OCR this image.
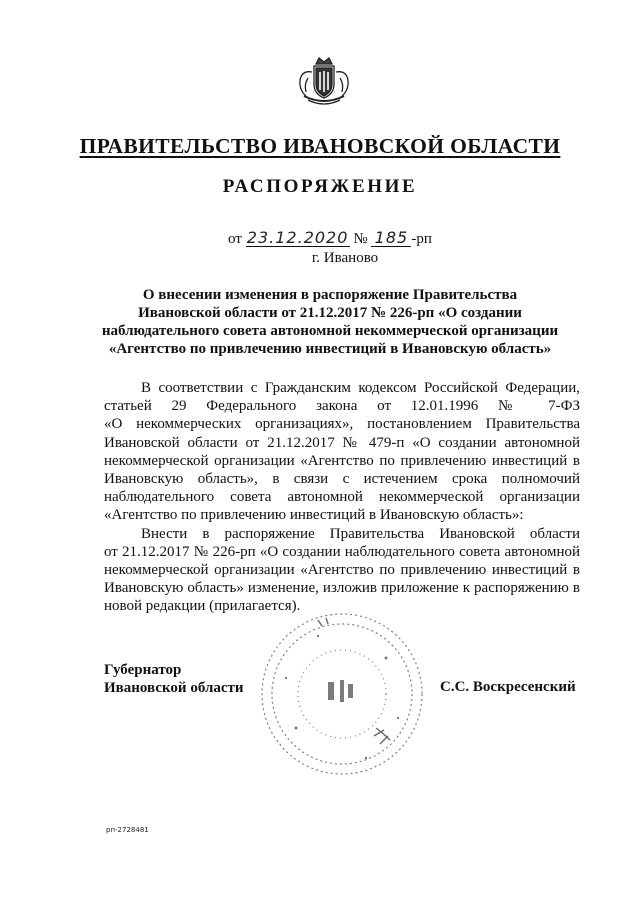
ПРАВИТЕЛЬСТВО ИВАНОВСКОЙ ОБЛАСТИ
РАСПОРЯЖЕНИЕ
от 23.12.2020 № 185 -рп
г. Иваново
О внесении изменения в распоряжение Правительства
Ивановской области от 21.12.2017 № 226-рп «О создании
наблюдательного совета автономной некоммерческой организации
«Агентство по привлечению инвестиций в Ивановскую область»
В соответствии с Гражданским кодексом Российской Федерации,
статьей 29 Федерального закона от 12.01.1996 № 7-ФЗ
«О некоммерческих организациях», постановлением Правительства
Ивановской области от 21.12.2017 № 479-п «О создании автономной
некоммерческой организации «Агентство по привлечению инвестиций в
Ивановскую область», в связи с истечением срока полномочий
наблюдательного совета автономной некоммерческой организации
«Агентство по привлечению инвестиций в Ивановскую область»:
Внести в распоряжение Правительства Ивановской области
от 21.12.2017 № 226-рп «О создании наблюдательного совета автономной
некоммерческой организации «Агентство по привлечению инвестиций в
Ивановскую область» изменение, изложив приложение к распоряжению в
новой редакции (прилагается).
Губернатор
Ивановской области	С.С. Воскресенский
рп-2728481
